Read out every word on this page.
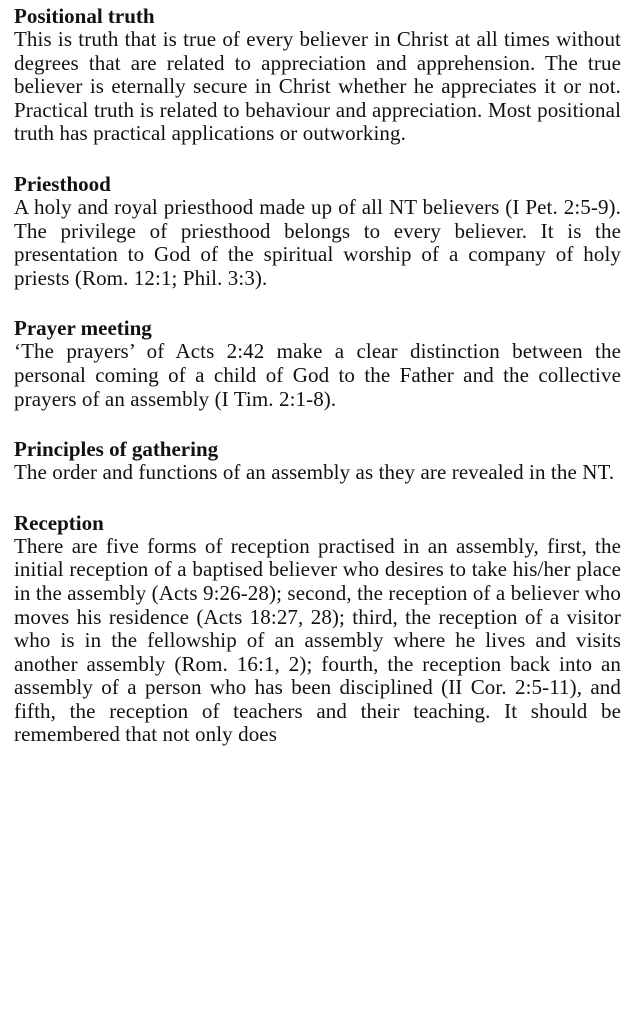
Positional truth

This is truth that is true of every believer in Christ at all times without degrees that are related to appreciation and apprehension. The true believer is eternally secure in Christ whether he appreciates it or not. Practical truth is related to behaviour and appreciation. Most positional truth has practical applications or outworking.

Priesthood

A holy and royal priesthood made up of all NT believers (I Pet. 2:5-9). The privilege of priesthood belongs to every believer. It is the presentation to God of the spiritual worship of a company of holy priests (Rom. 12:1; Phil. 3:3).

Prayer meeting

‘The prayers’ of Acts 2:42 make a clear distinction between the personal coming of a child of God to the Father and the collective prayers of an assembly (I Tim. 2:1-8).

Principles of gathering

The order and functions of an assembly as they are revealed in the NT.

Reception

There are five forms of reception practised in an assembly, first, the initial reception of a baptised believer who desires to take his/her place in the assembly (Acts 9:26-28); second, the reception of a believer who moves his residence (Acts 18:27, 28); third, the reception of a visitor who is in the fellowship of an assembly where he lives and visits another assembly (Rom. 16:1, 2); fourth, the reception back into an assembly of a person who has been disciplined (II Cor. 2:5-11), and fifth, the reception of teachers and their teaching. It should be remembered that not only does
